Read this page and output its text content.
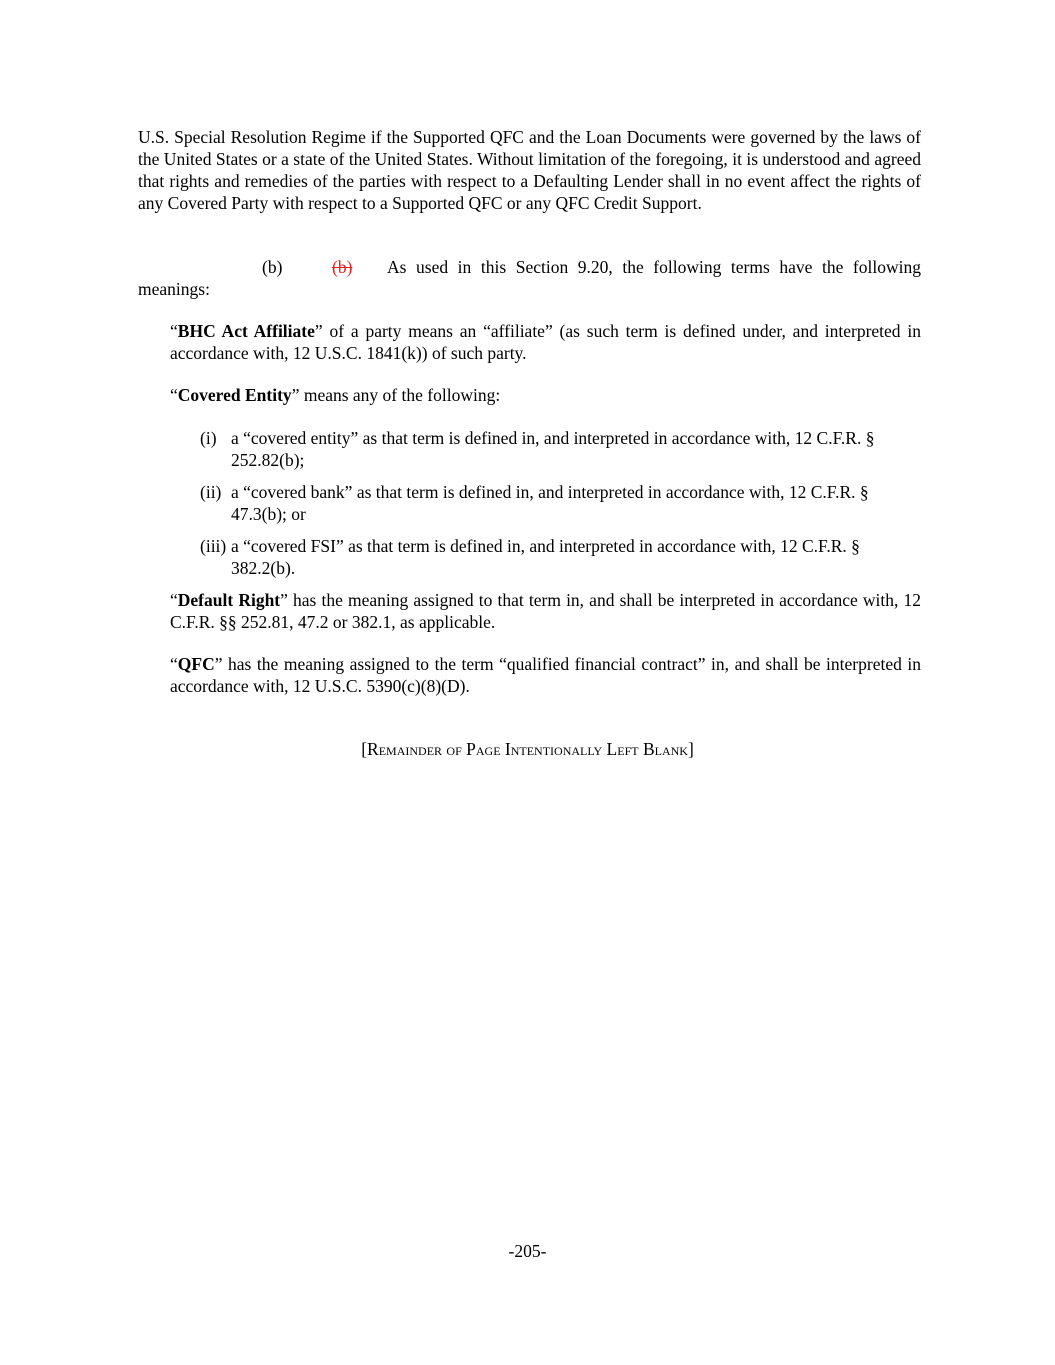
U.S. Special Resolution Regime if the Supported QFC and the Loan Documents were governed by the laws of the United States or a state of the United States. Without limitation of the foregoing, it is understood and agreed that rights and remedies of the parties with respect to a Defaulting Lender shall in no event affect the rights of any Covered Party with respect to a Supported QFC or any QFC Credit Support.

(b)	(b)	As used in this Section 9.20, the following terms have the following
meanings:

“BHC Act Affiliate” of a party means an “affiliate” (as such term is defined under, and interpreted in accordance with, 12 U.S.C. 1841(k)) of such party.

“Covered Entity” means any of the following:

(i) a “covered entity” as that term is defined in, and interpreted in accordance with, 12 C.F.R. § 252.82(b);
(ii) a “covered bank” as that term is defined in, and interpreted in accordance with, 12 C.F.R. § 47.3(b); or
(iii) a “covered FSI” as that term is defined in, and interpreted in accordance with, 12 C.F.R. § 382.2(b).

“Default Right” has the meaning assigned to that term in, and shall be interpreted in accordance with, 12 C.F.R. §§ 252.81, 47.2 or 382.1, as applicable.

“QFC” has the meaning assigned to the term “qualified financial contract” in, and shall be interpreted in accordance with, 12 U.S.C. 5390(c)(8)(D).

[Remainder of Page Intentionally Left Blank]
-205-
